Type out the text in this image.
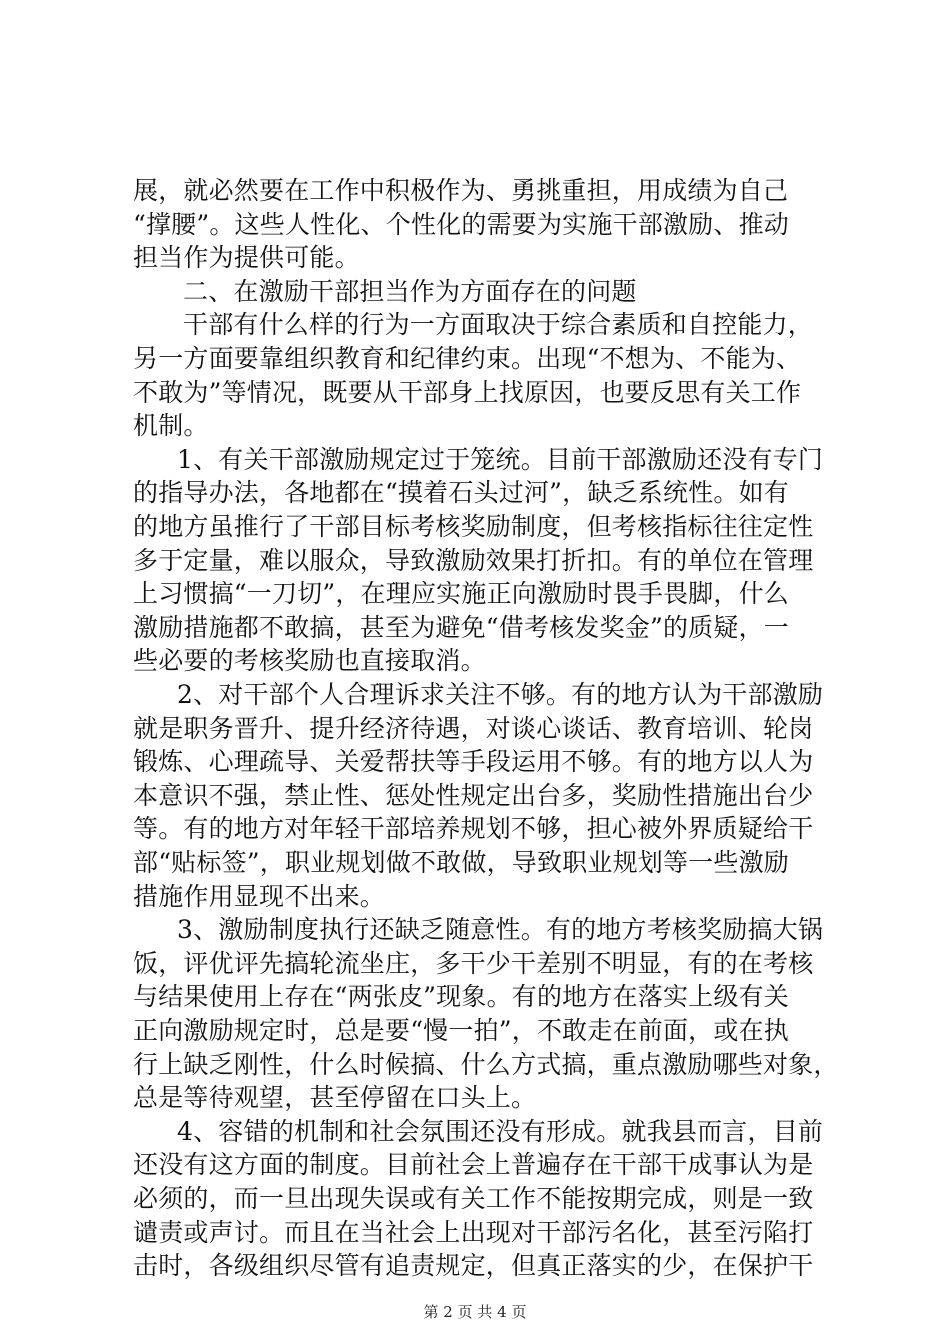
展，就必然要在工作中积极作为、勇挑重担，用成绩为自己
“撑腰”。这些人性化、个性化的需要为实施干部激励、推动
担当作为提供可能。
二、在激励干部担当作为方面存在的问题
干部有什么样的行为一方面取决于综合素质和自控能力，
另一方面要靠组织教育和纪律约束。出现“不想为、不能为、
不敢为”等情况，既要从干部身上找原因，也要反思有关工作
机制。
1、有关干部激励规定过于笼统。目前干部激励还没有专门
的指导办法，各地都在“摸着石头过河”，缺乏系统性。如有
的地方虽推行了干部目标考核奖励制度，但考核指标往往定性
多于定量，难以服众，导致激励效果打折扣。有的单位在管理
上习惯搞“一刀切”，在理应实施正向激励时畏手畏脚，什么
激励措施都不敢搞，甚至为避免“借考核发奖金”的质疑，一
些必要的考核奖励也直接取消。
2、对干部个人合理诉求关注不够。有的地方认为干部激励
就是职务晋升、提升经济待遇，对谈心谈话、教育培训、轮岗
锻炼、心理疏导、关爱帮扶等手段运用不够。有的地方以人为
本意识不强，禁止性、惩处性规定出台多，奖励性措施出台少
等。有的地方对年轻干部培养规划不够，担心被外界质疑给干
部“贴标签”，职业规划做不敢做，导致职业规划等一些激励
措施作用显现不出来。
3、激励制度执行还缺乏随意性。有的地方考核奖励搞大锅
饭，评优评先搞轮流坐庄，多干少干差别不明显，有的在考核
与结果使用上存在“两张皮”现象。有的地方在落实上级有关
正向激励规定时，总是要“慢一拍”，不敢走在前面，或在执
行上缺乏刚性，什么时候搞、什么方式搞，重点激励哪些对象，
总是等待观望，甚至停留在口头上。
4、容错的机制和社会氛围还没有形成。就我县而言，目前
还没有这方面的制度。目前社会上普遍存在干部干成事认为是
必须的，而一旦出现失误或有关工作不能按期完成，则是一致
谴责或声讨。而且在当社会上出现对干部污名化，甚至污陷打
击时，各级组织尽管有追责规定，但真正落实的少，在保护干
第 2 页 共 4 页
